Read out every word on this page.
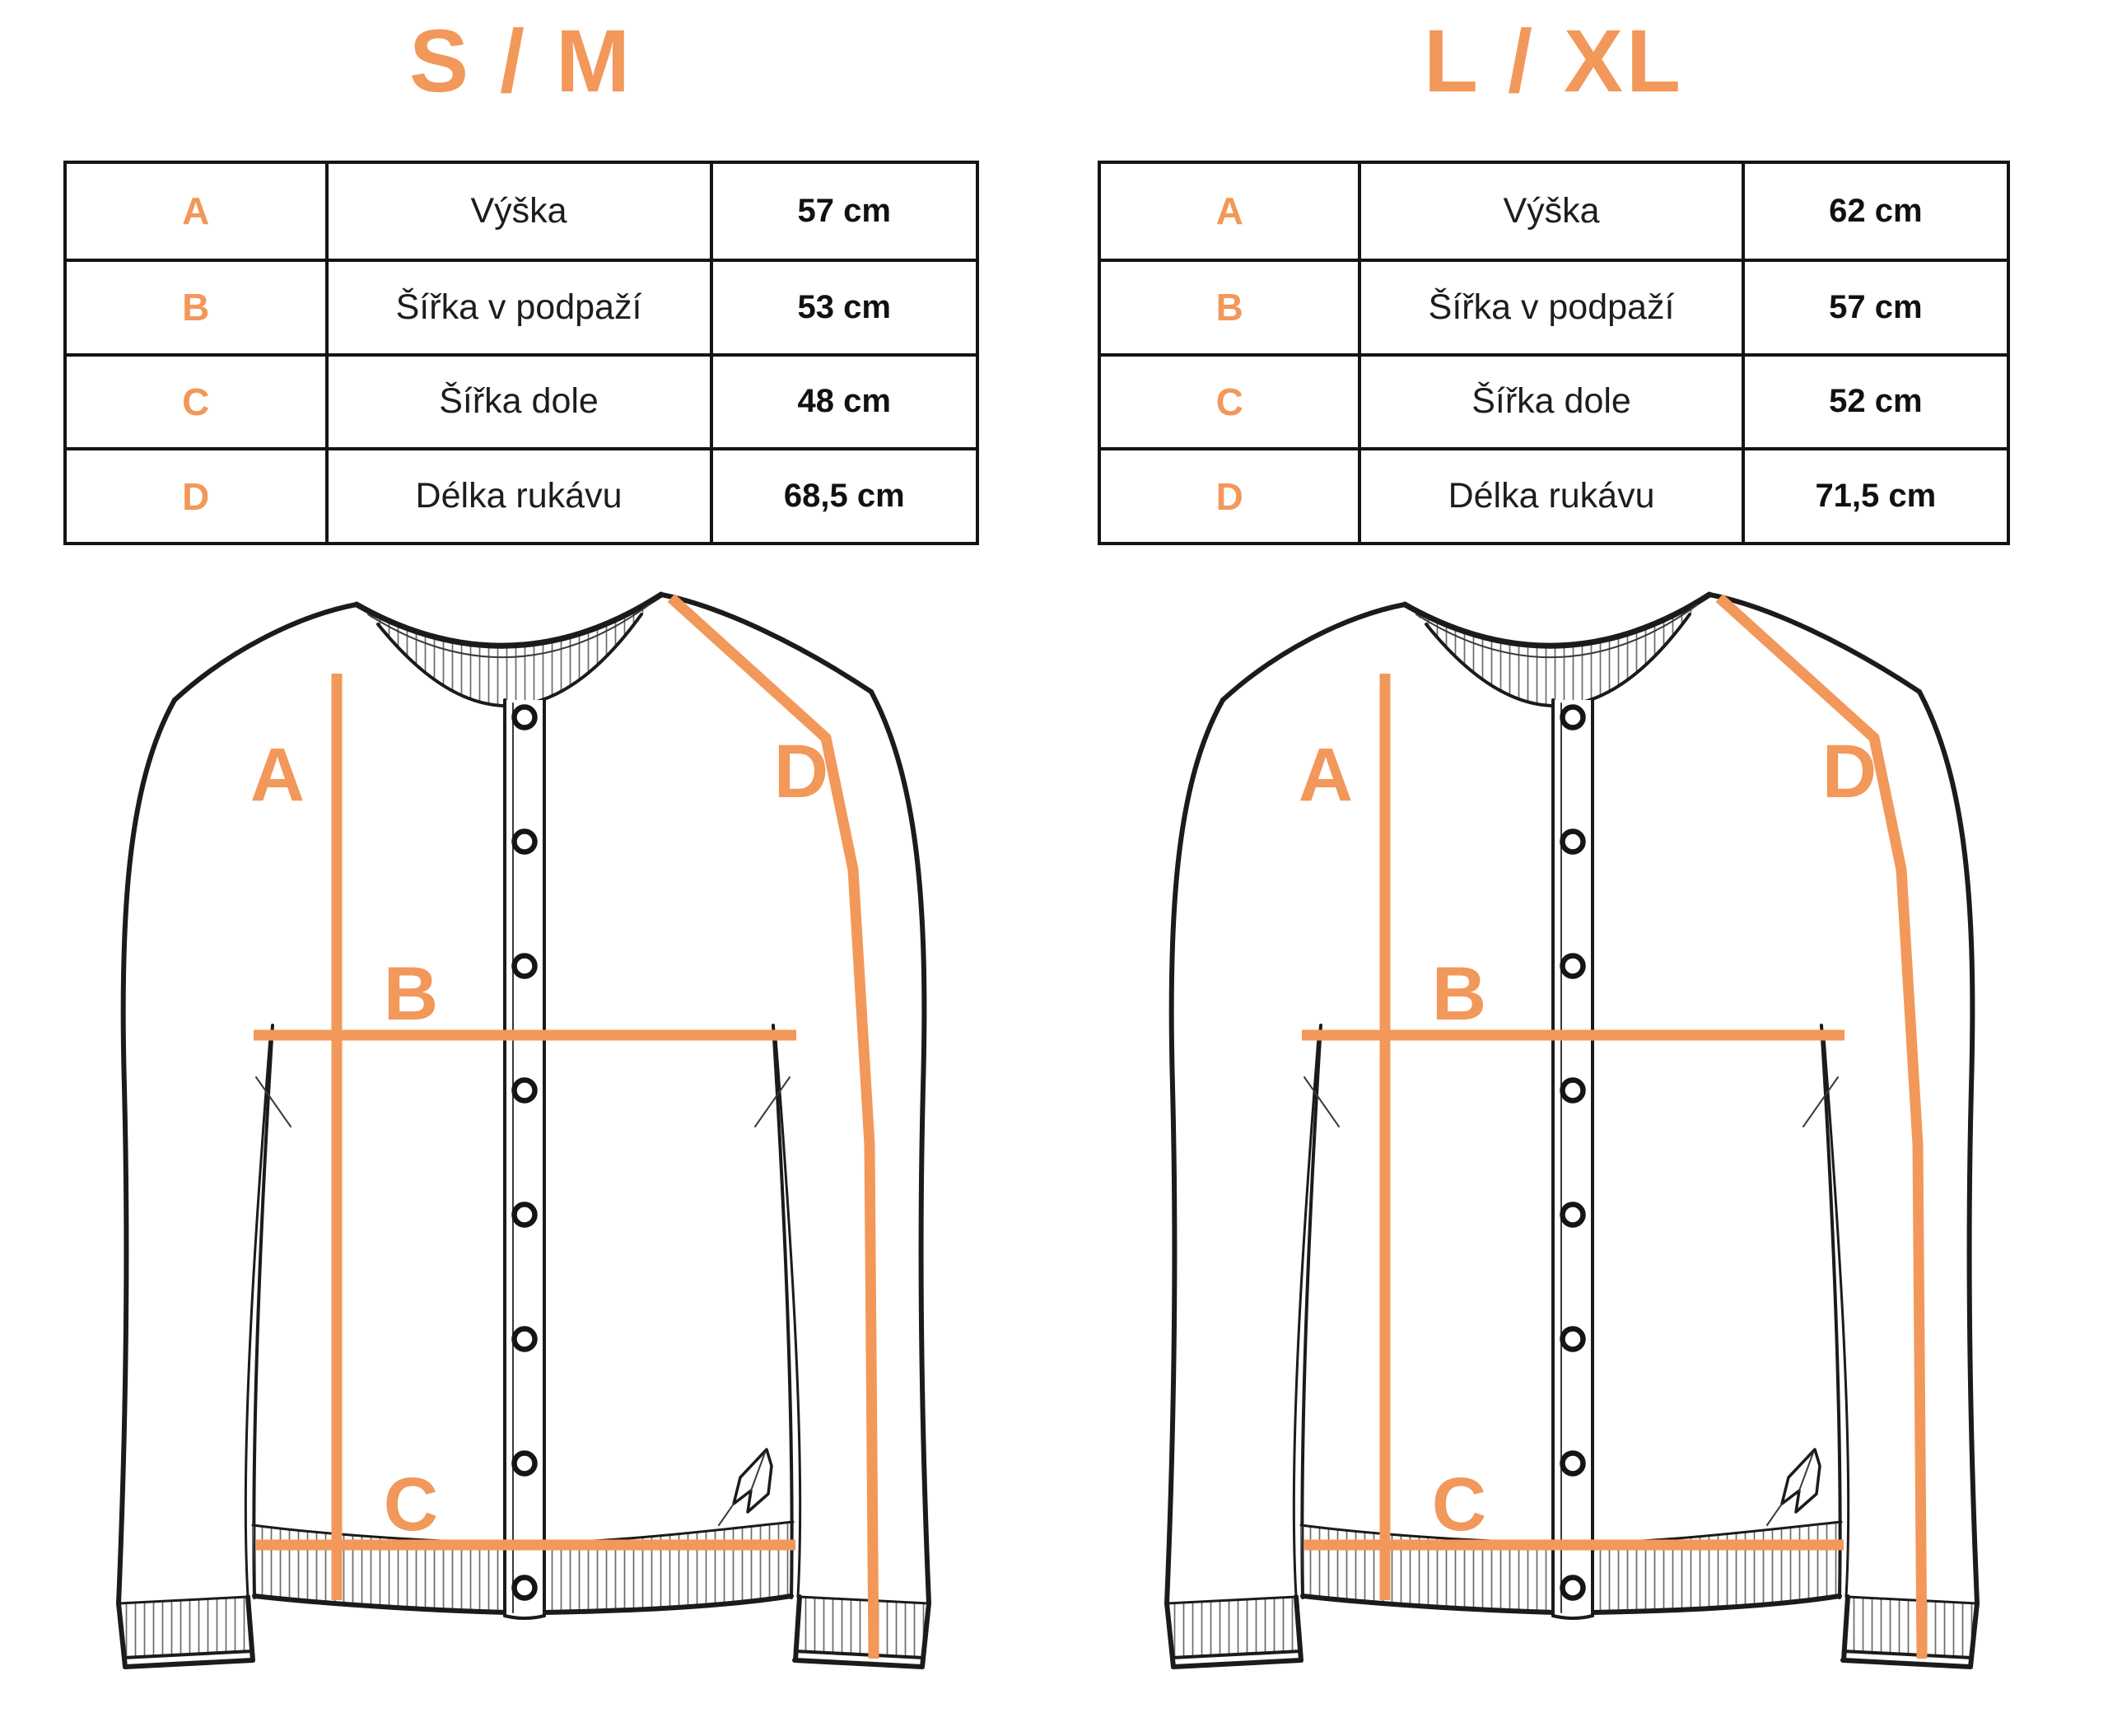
S / M
A	Výška	57 cm
B	Šířka v podpaží	53 cm
C	Šířka dole	48 cm
D	Délka rukávu	68,5 cm
A
B
C
D
L / XL
A	Výška	62 cm
B	Šířka v podpaží	57 cm
C	Šířka dole	52 cm
D	Délka rukávu	71,5 cm
A
B
C
D
